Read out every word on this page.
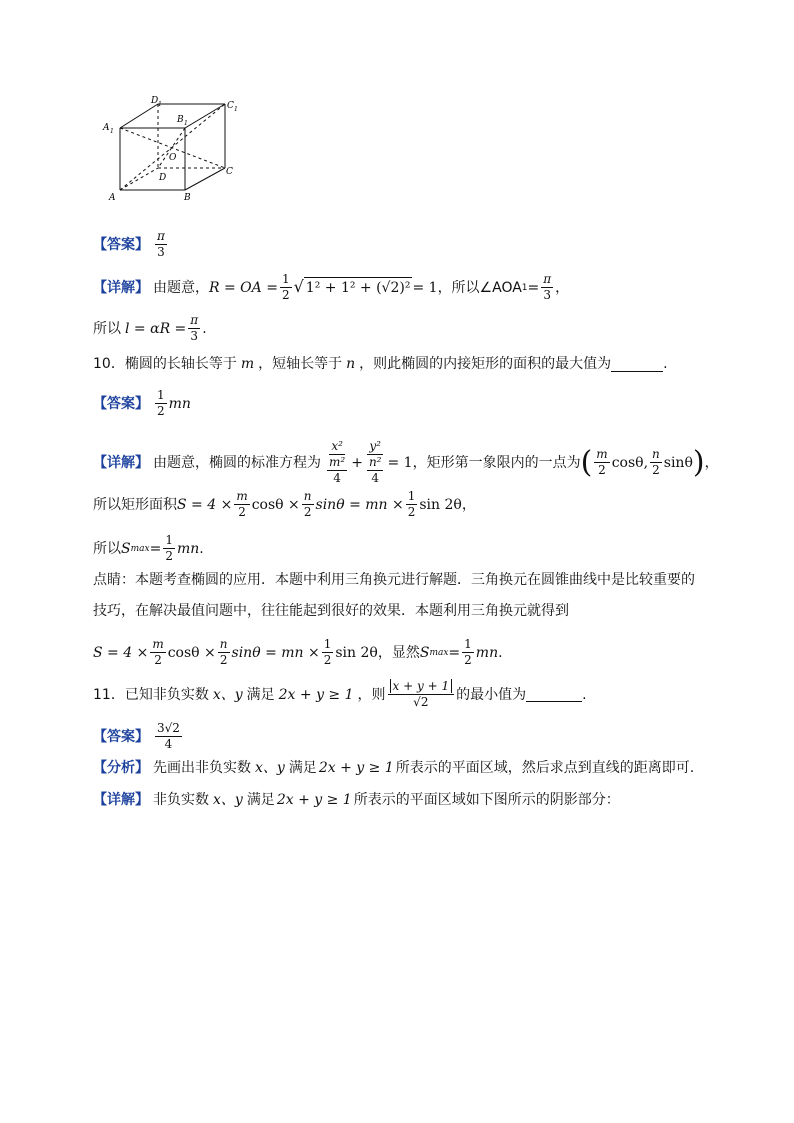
D 1	C 1
B 1
A 1
O
D
C
A	B
【答案】 $\frac{\pi}{3}$
【详解】 由题意， R = OA = $\frac{1}{2}$ √ 1² + 1² + (√2)² = 1 ，所以∠AOA $1 = \frac{\pi}{3}$ ，
所以 $l = \alpha R = \frac{\pi}{3}$ .
10．椭圆的长轴长等于 m ，短轴长等于 n ，则此椭圆的内接矩形的面积的最大值为	.
【答案】 $\frac{1}{2}$ mn
【详解】 由题意，椭圆的标准方程为 $\frac{\text{x²}}{\frac{\text{m²}}{4}} + \frac{\text{y²}}{\frac{\text{n²}}{4}} = 1$ ，矩形第一象限内的一点为 ( $\frac{m}{2} \cos\theta$, $\frac{n}{2}$ sinθ ) ，
所以矩形面积 $S = 4 \times \frac{m}{2}$ $\cos\theta \times \frac{n}{2}$ sinθ = mn × $\frac{1}{2}$ sin 2θ ，
所以 S $\max = \frac{1}{2}$ mn .
点睛：本题考查椭圆的应用．本题中利用三角换元进行解题．三角换元在圆锥曲线中是比较重要的
技巧，在解决最值问题中，往往能起到很好的效果．本题利用三角换元就得到
$S = 4 \times \frac{m}{2}$ $\cos\theta \times \frac{n}{2}$ sinθ = mn × $\frac{1}{2}$ sin 2θ ，显然 S $\max = \frac{1}{2}$ mn .
11．已知非负实数 x、y 满足 2x + y ≥ 1 ，则 $\frac{x + y + 1}{√2}$ 的最小值为	.
【答案】 $\frac{3√2}{4}$
【分析】 先画出非负实数 x、y 满足 2x + y ≥ 1 所表示的平面区域，然后求点到直线的距离即可.
【详解】 非负实数 x、y 满足 2x + y ≥ 1 所表示的平面区域如下图所示的阴影部分：
